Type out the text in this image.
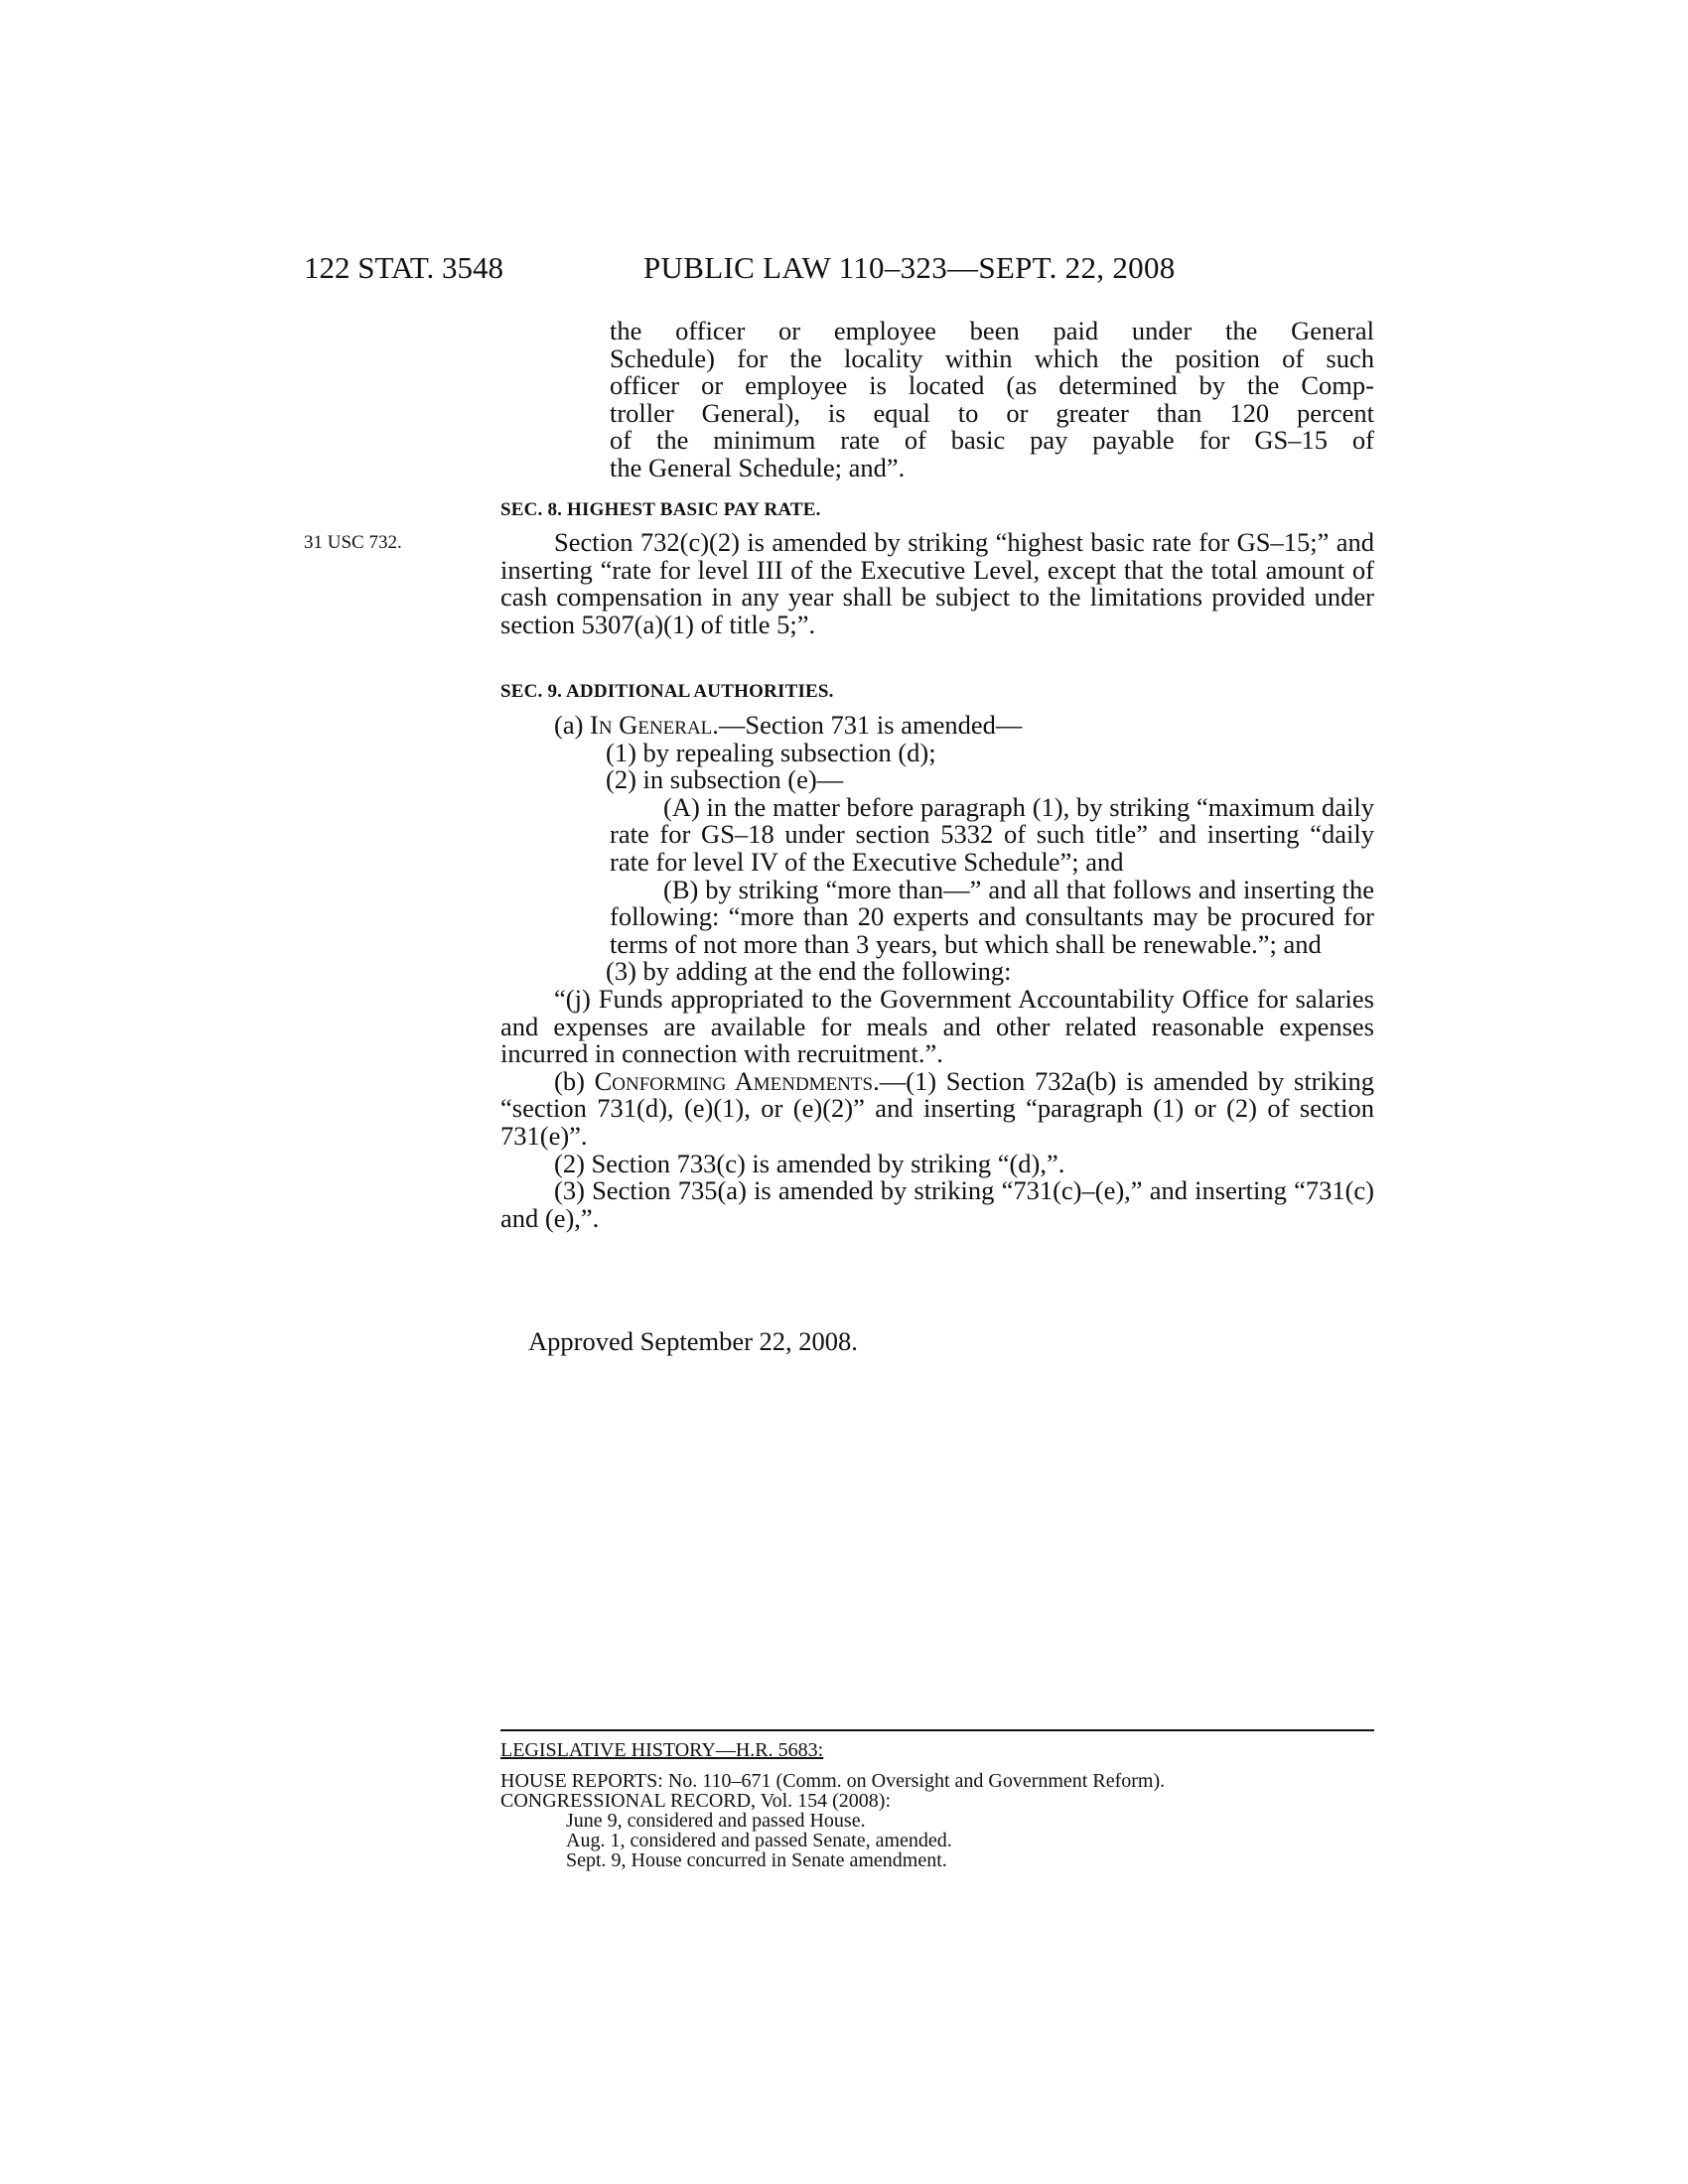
122 STAT. 3548	PUBLIC LAW 110–323—SEPT. 22, 2008

the officer or employee been paid under the General

Schedule) for the locality within which the position of such

officer or employee is located (as determined by the Comp-

troller General), is equal to or greater than 120 percent

of the minimum rate of basic pay payable for GS–15 of

the General Schedule; and”.

SEC. 8. HIGHEST BASIC PAY RATE.

31 USC 732.	Section 732(c)(2) is amended by striking “highest basic rate for GS–15;” and inserting “rate for level III of the Executive Level, except that the total amount of cash compensation in any year shall be subject to the limitations provided under section 5307(a)(1) of title 5;”.

SEC. 9. ADDITIONAL AUTHORITIES.

(a) In General.—Section 731 is amended—

(1) by repealing subsection (d);

(2) in subsection (e)—

(A) in the matter before paragraph (1), by striking “maximum daily rate for GS–18 under section 5332 of such title” and inserting “daily rate for level IV of the Executive Schedule”; and

(B) by striking “more than—” and all that follows and inserting the following: “more than 20 experts and consultants may be procured for terms of not more than 3 years, but which shall be renewable.”; and

(3) by adding at the end the following:

“(j) Funds appropriated to the Government Accountability Office for salaries and expenses are available for meals and other related reasonable expenses incurred in connection with recruitment.”.

(b) Conforming Amendments.—(1) Section 732a(b) is amended by striking “section 731(d), (e)(1), or (e)(2)” and inserting “paragraph (1) or (2) of section 731(e)”.

(2) Section 733(c) is amended by striking “(d),”.

(3) Section 735(a) is amended by striking “731(c)–(e),” and inserting “731(c) and (e),”.

Approved September 22, 2008.
LEGISLATIVE HISTORY—H.R. 5683:
HOUSE REPORTS: No. 110–671 (Comm. on Oversight and Government Reform).
CONGRESSIONAL RECORD, Vol. 154 (2008):
June 9, considered and passed House.
Aug. 1, considered and passed Senate, amended.
Sept. 9, House concurred in Senate amendment.
